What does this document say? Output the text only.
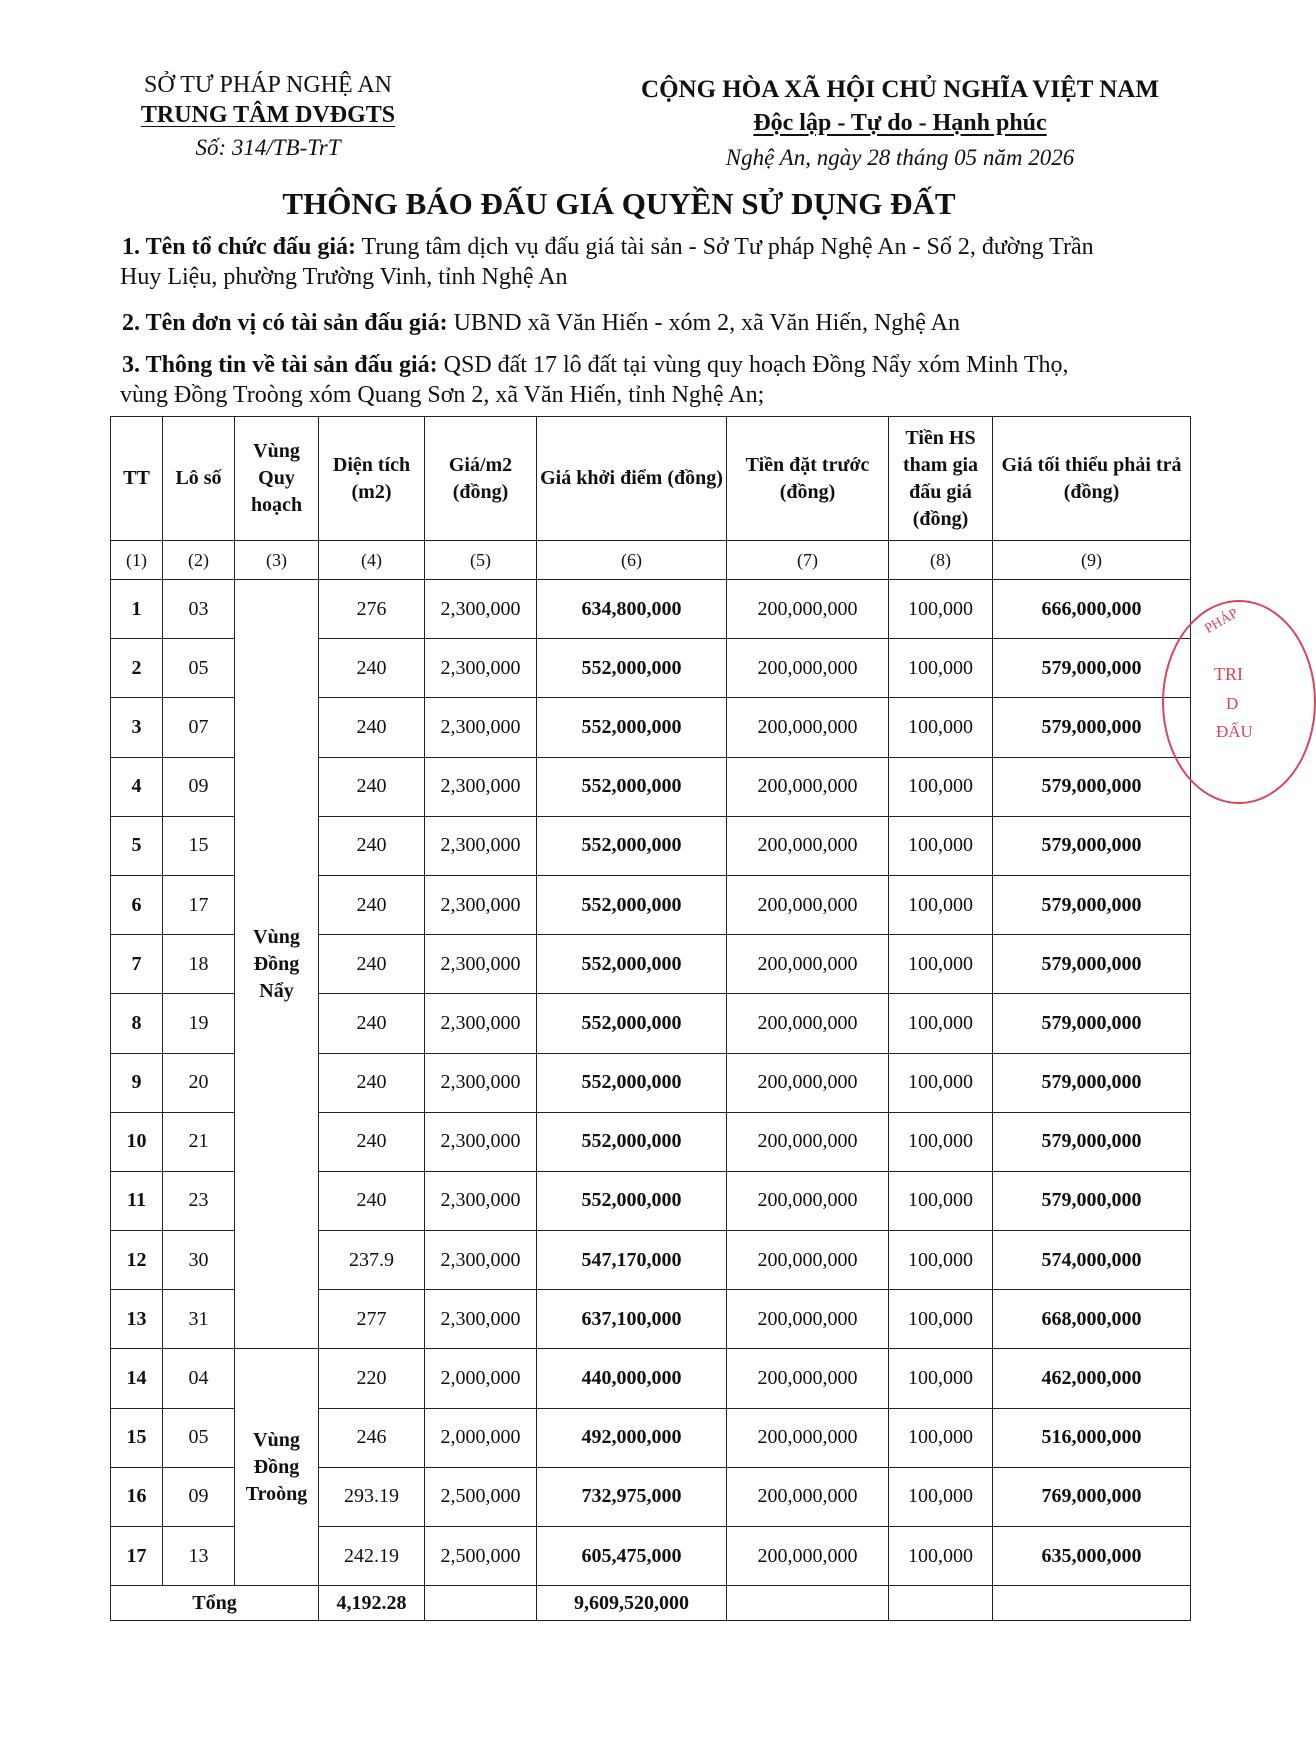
SỞ TƯ PHÁP NGHỆ AN
TRUNG TÂM DVĐGTS
Số: 314/TB-TrT
CỘNG HÒA XÃ HỘI CHỦ NGHĨA VIỆT NAM
Độc lập - Tự do - Hạnh phúc
Nghệ An, ngày 28 tháng 05 năm 2026
THÔNG BÁO ĐẤU GIÁ QUYỀN SỬ DỤNG ĐẤT
1. Tên tổ chức đấu giá: Trung tâm dịch vụ đấu giá tài sản - Sở Tư pháp Nghệ An - Số 2, đường Trần
Huy Liệu, phường Trường Vinh, tỉnh Nghệ An
2. Tên đơn vị có tài sản đấu giá: UBND xã Văn Hiến - xóm 2, xã Văn Hiến, Nghệ An
3. Thông tin về tài sản đấu giá: QSD đất 17 lô đất tại vùng quy hoạch Đồng Nẩy xóm Minh Thọ,
vùng Đồng Troòng xóm Quang Sơn 2, xã Văn Hiến, tỉnh Nghệ An;
TT	Lô số	Vùng Quy hoạch	Diện tích (m2)	Giá/m2 (đồng)	Giá khởi điểm (đồng)	Tiền đặt trước (đồng)	Tiền HS tham gia đấu giá (đồng)	Giá tối thiểu phải trả (đồng)
(1)	(2)	(3)	(4)	(5)	(6)	(7)	(8)	(9)
1	03	Vùng Đồng Nẩy	276	2,300,000	634,800,000	200,000,000	100,000	666,000,000
2	05		240	2,300,000	552,000,000	200,000,000	100,000	579,000,000
3	07		240	2,300,000	552,000,000	200,000,000	100,000	579,000,000
4	09		240	2,300,000	552,000,000	200,000,000	100,000	579,000,000
5	15		240	2,300,000	552,000,000	200,000,000	100,000	579,000,000
6	17		240	2,300,000	552,000,000	200,000,000	100,000	579,000,000
7	18		240	2,300,000	552,000,000	200,000,000	100,000	579,000,000
8	19		240	2,300,000	552,000,000	200,000,000	100,000	579,000,000
9	20		240	2,300,000	552,000,000	200,000,000	100,000	579,000,000
10	21		240	2,300,000	552,000,000	200,000,000	100,000	579,000,000
11	23		240	2,300,000	552,000,000	200,000,000	100,000	579,000,000
12	30		237.9	2,300,000	547,170,000	200,000,000	100,000	574,000,000
13	31		277	2,300,000	637,100,000	200,000,000	100,000	668,000,000
14	04	Vùng Đồng Troòng	220	2,000,000	440,000,000	200,000,000	100,000	462,000,000
15	05		246	2,000,000	492,000,000	200,000,000	100,000	516,000,000
16	09		293.19	2,500,000	732,975,000	200,000,000	100,000	769,000,000
17	13		242.19	2,500,000	605,475,000	200,000,000	100,000	635,000,000
Tổng			4,192.28		9,609,520,000			
PHÁP
TRI
D
ĐẤU
